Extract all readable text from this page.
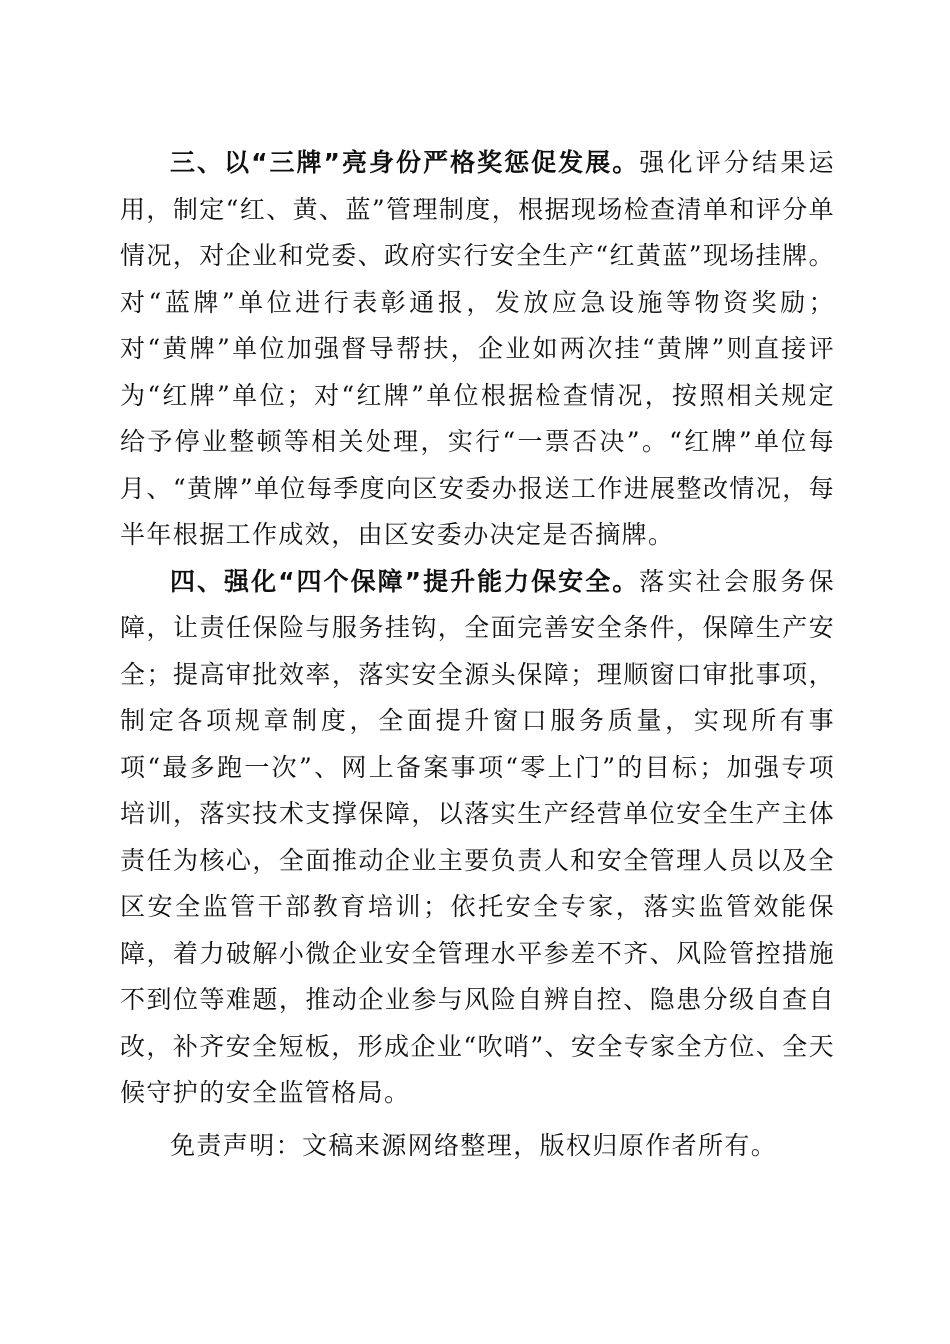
三、以“三牌”亮身份严格奖惩促发展。强化评分结果运用，制定“红、黄、蓝”管理制度，根据现场检查清单和评分单情况，对企业和党委、政府实行安全生产“红黄蓝”现场挂牌。对“蓝牌”单位进行表彰通报，发放应急设施等物资奖励；对“黄牌”单位加强督导帮扶，企业如两次挂“黄牌”则直接评为“红牌”单位；对“红牌”单位根据检查情况，按照相关规定给予停业整顿等相关处理，实行“一票否决”。“红牌”单位每月、“黄牌”单位每季度向区安委办报送工作进展整改情况，每半年根据工作成效，由区安委办决定是否摘牌。

四、强化“四个保障”提升能力保安全。落实社会服务保障，让责任保险与服务挂钩，全面完善安全条件，保障生产安全；提高审批效率，落实安全源头保障；理顺窗口审批事项，制定各项规章制度，全面提升窗口服务质量，实现所有事项“最多跑一次”、网上备案事项“零上门”的目标；加强专项培训，落实技术支撑保障，以落实生产经营单位安全生产主体责任为核心，全面推动企业主要负责人和安全管理人员以及全区安全监管干部教育培训；依托安全专家，落实监管效能保障，着力破解小微企业安全管理水平参差不齐、风险管控措施不到位等难题，推动企业参与风险自辨自控、隐患分级自查自改，补齐安全短板，形成企业“吹哨”、安全专家全方位、全天候守护的安全监管格局。

免责声明：文稿来源网络整理，版权归原作者所有。
